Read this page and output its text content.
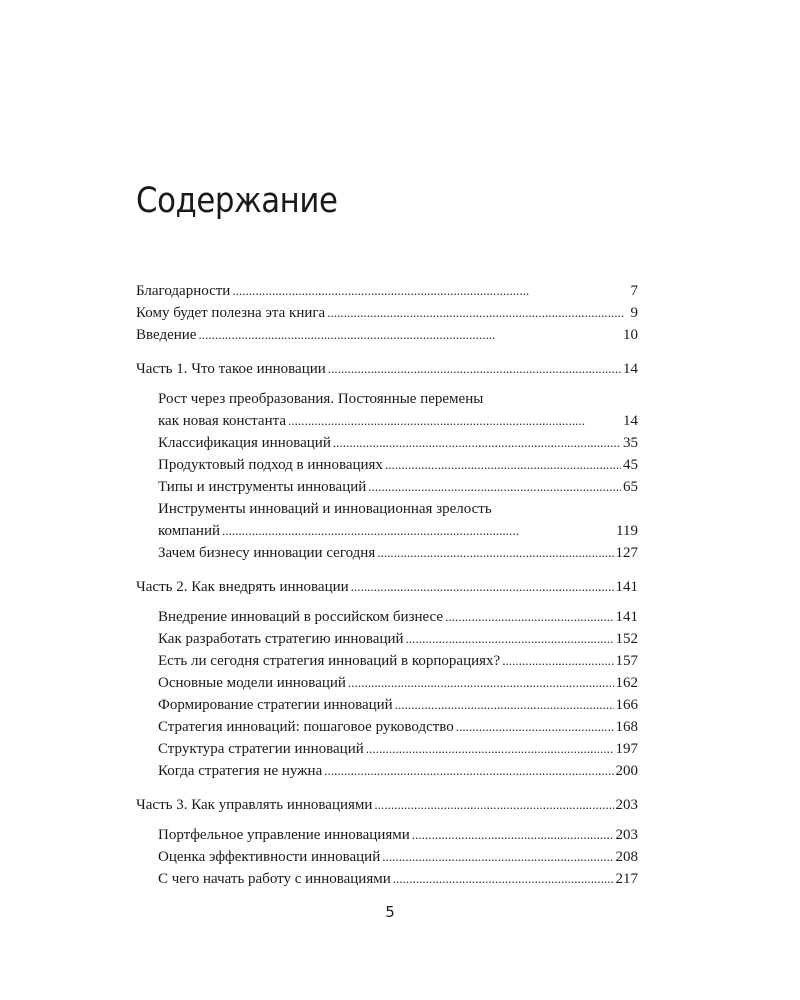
Содержание
Благодарности . . .	7
Кому будет полезна эта книга . . .	9
Введение . . .	10
Часть 1. Что такое инновации . . .	14
Рост через преобразования. Постоянные перемены
как новая константа . . .	14
Классификация инноваций . . .	35
Продуктовый подход в инновациях . . .	45
Типы и инструменты инноваций . . .	65
Инструменты инноваций и инновационная зрелость
компаний . . .	119
Зачем бизнесу инновации сегодня . . .	127
Часть 2. Как внедрять инновации . . .	141
Внедрение инноваций в российском бизнесе . . .	141
Как разработать стратегию инноваций . . .	152
Есть ли сегодня стратегия инноваций в корпорациях? . . .	157
Основные модели инноваций . . .	162
Формирование стратегии инноваций . . .	166
Стратегия инноваций: пошаговое руководство . . .	168
Структура стратегии инноваций . . .	197
Когда стратегия не нужна . . .	200
Часть 3. Как управлять инновациями . . .	203
Портфельное управление инновациями . . .	203
Оценка эффективности инноваций . . .	208
С чего начать работу с инновациями . . .	217
5
